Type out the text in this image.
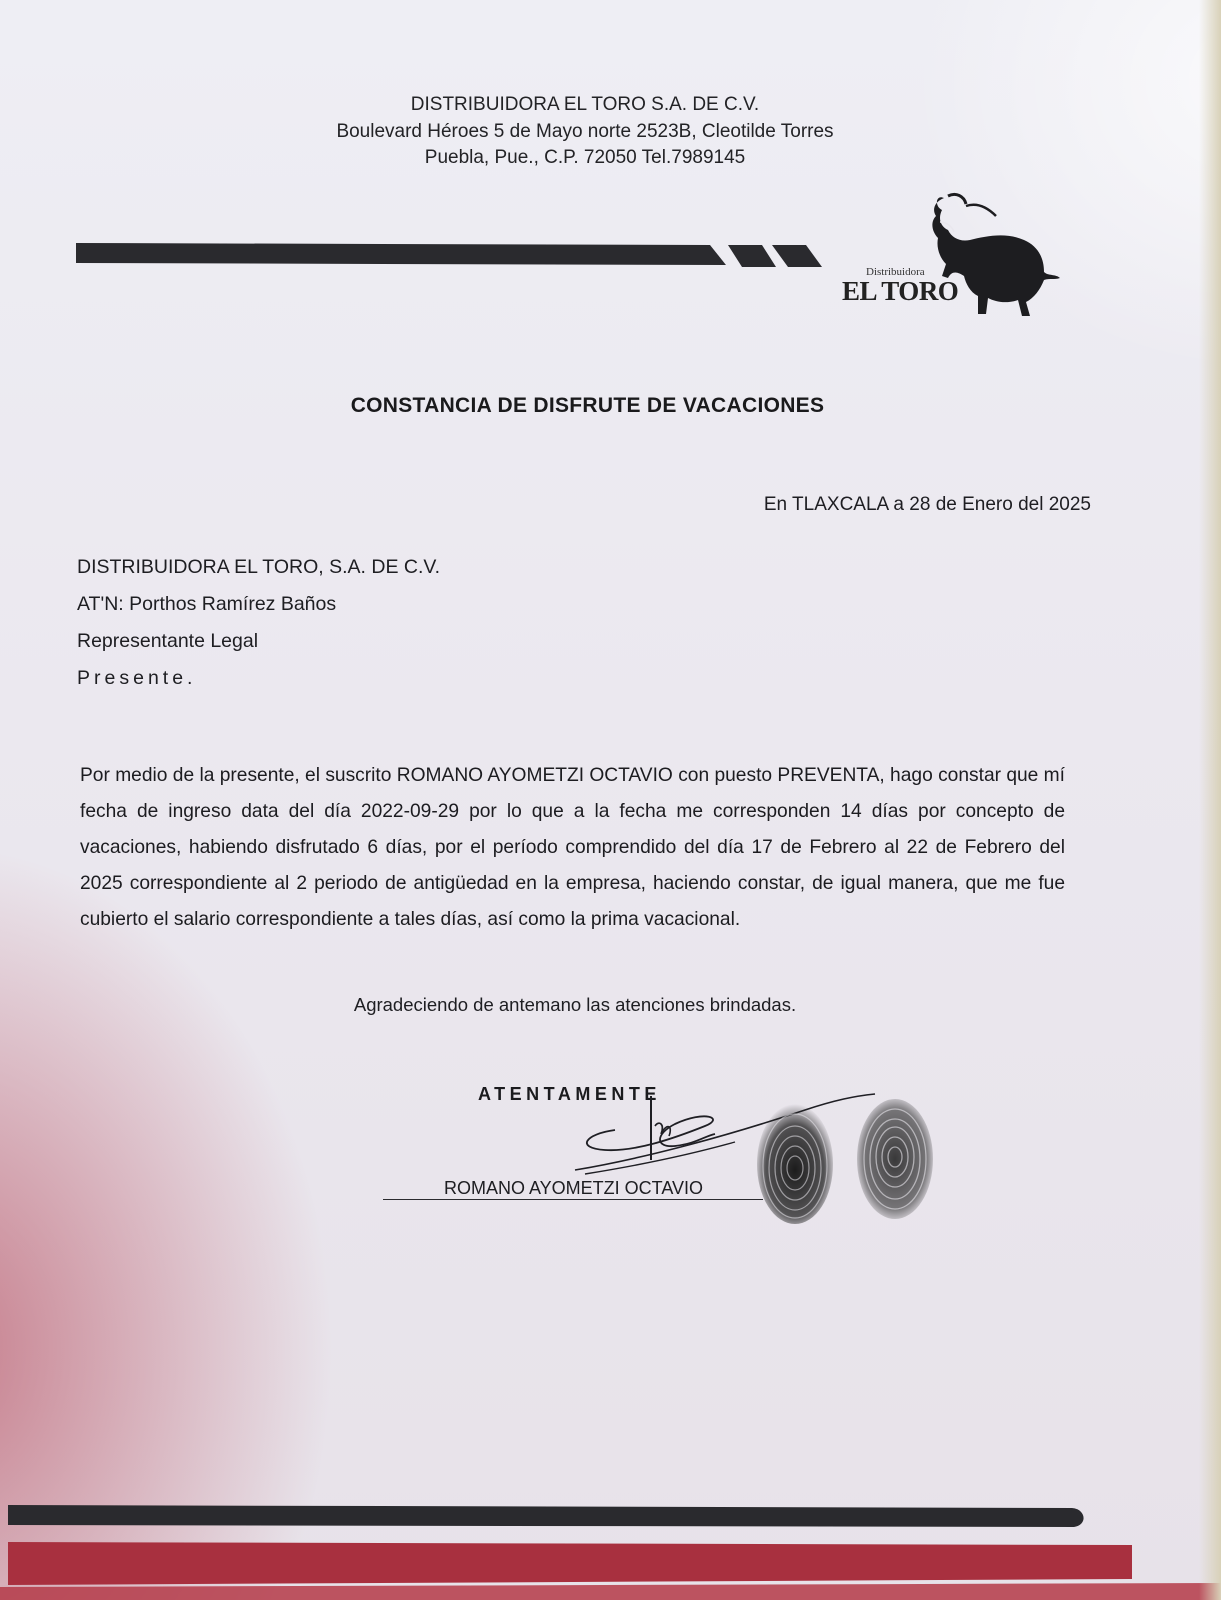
DISTRIBUIDORA EL TORO S.A. DE C.V.
Boulevard Héroes 5 de Mayo norte 2523B, Cleotilde Torres
Puebla, Pue., C.P. 72050 Tel.7989145
Distribuidora
EL TORO
CONSTANCIA DE DISFRUTE DE VACACIONES
En TLAXCALA a 28 de Enero del 2025
DISTRIBUIDORA EL TORO, S.A. DE C.V.
AT'N: Porthos Ramírez Baños
Representante Legal
Presente.
Por medio de la presente, el suscrito ROMANO AYOMETZI OCTAVIO con puesto PREVENTA, hago constar que mí fecha de ingreso data del día 2022-09-29 por lo que a la fecha me corresponden 14 días por concepto de vacaciones, habiendo disfrutado 6 días, por el período comprendido del día 17 de Febrero al 22 de Febrero del 2025 correspondiente al 2 periodo de antigüedad en la empresa, haciendo constar, de igual manera, que me fue cubierto el salario correspondiente a tales días, así como la prima vacacional.
Agradeciendo de antemano las atenciones brindadas.
ATENTAMENTE
ROMANO AYOMETZI OCTAVIO
